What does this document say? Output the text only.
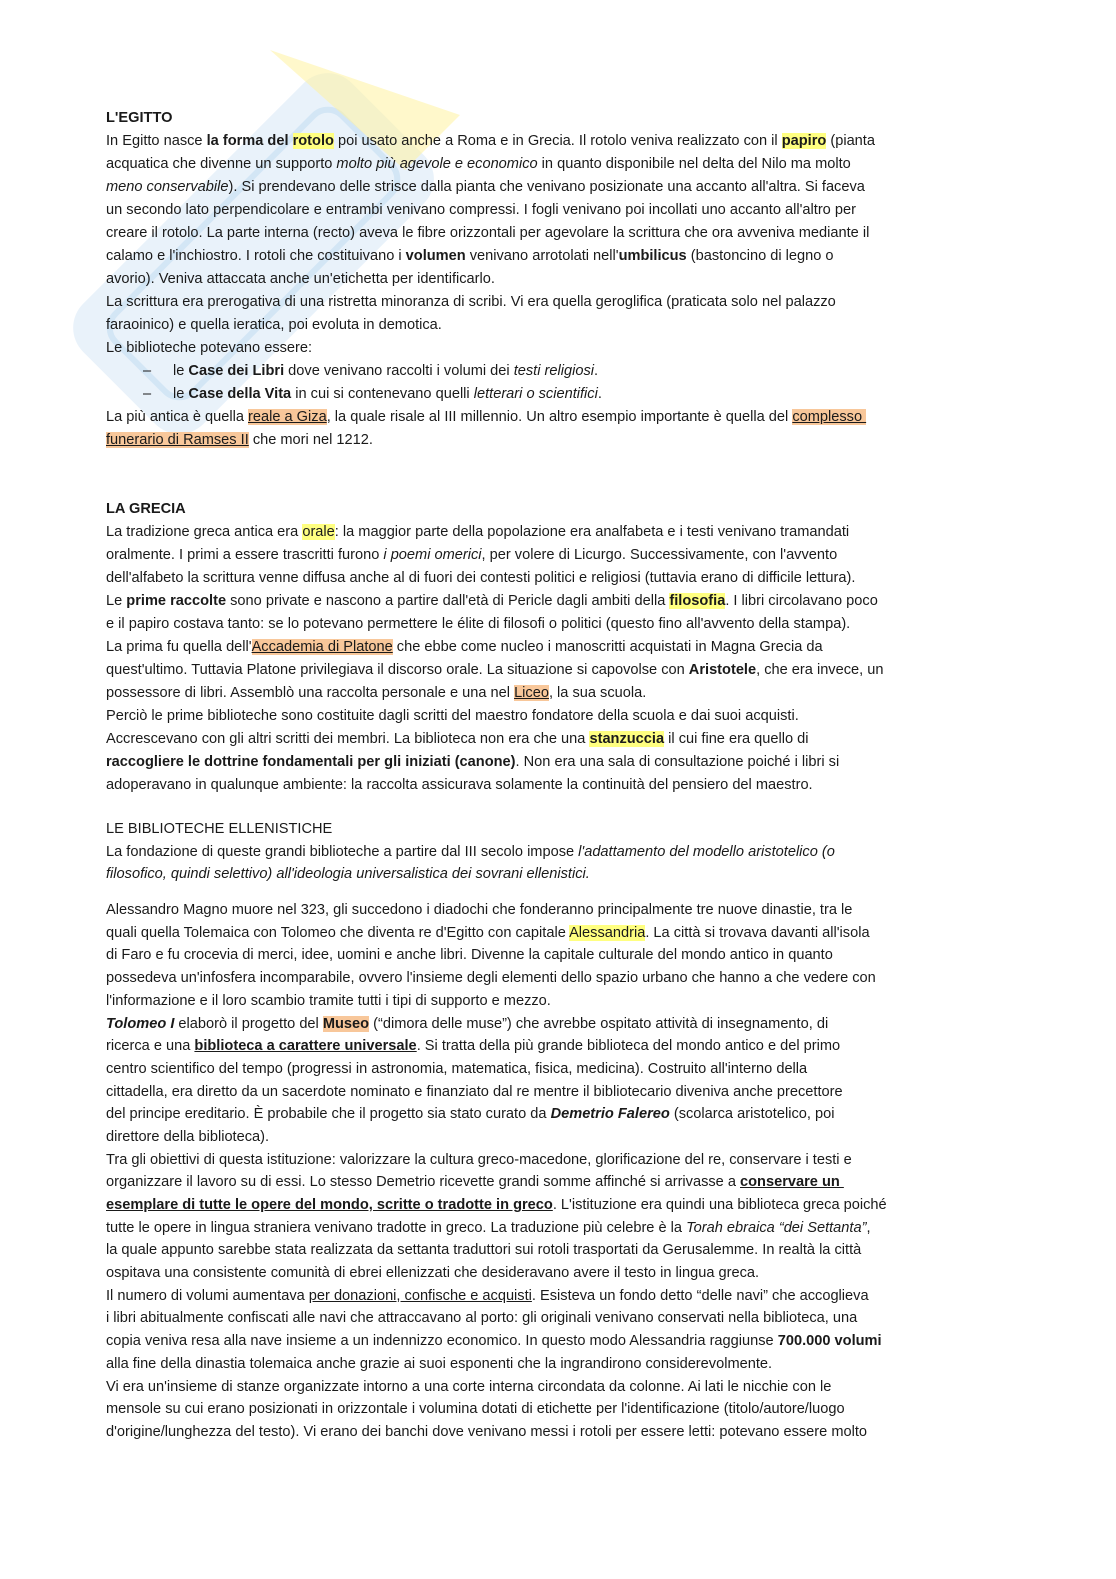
L'EGITTO
In Egitto nasce la forma del rotolo poi usato anche a Roma e in Grecia. Il rotolo veniva realizzato con il papiro (pianta
acquatica che divenne un supporto molto più agevole e economico in quanto disponibile nel delta del Nilo ma molto
meno conservabile). Si prendevano delle strisce dalla pianta che venivano posizionate una accanto all'altra. Si faceva
un secondo lato perpendicolare e entrambi venivano compressi. I fogli venivano poi incollati uno accanto all'altro per
creare il rotolo. La parte interna (recto) aveva le fibre orizzontali per agevolare la scrittura che ora avveniva mediante il
calamo e l'inchiostro. I rotoli che costituivano i volumen venivano arrotolati nell'umbilicus (bastoncino di legno o
avorio). Veniva attaccata anche un'etichetta per identificarlo.
La scrittura era prerogativa di una ristretta minoranza di scribi. Vi era quella geroglifica (praticata solo nel palazzo
faraoinico) e quella ieratica, poi evoluta in demotica.
Le biblioteche potevano essere:
– le Case dei Libri dove venivano raccolti i volumi dei testi religiosi.
– le Case della Vita in cui si contenevano quelli letterari o scientifici.
La più antica è quella reale a Giza, la quale risale al III millennio. Un altro esempio importante è quella del complesso
funerario di Ramses II che mori nel 1212.
LA GRECIA
La tradizione greca antica era orale: la maggior parte della popolazione era analfabeta e i testi venivano tramandati
oralmente. I primi a essere trascritti furono i poemi omerici, per volere di Licurgo. Successivamente, con l'avvento
dell'alfabeto la scrittura venne diffusa anche al di fuori dei contesti politici e religiosi (tuttavia erano di difficile lettura).
Le prime raccolte sono private e nascono a partire dall'età di Pericle dagli ambiti della filosofia. I libri circolavano poco
e il papiro costava tanto: se lo potevano permettere le élite di filosofi o politici (questo fino all'avvento della stampa).
La prima fu quella dell'Accademia di Platone che ebbe come nucleo i manoscritti acquistati in Magna Grecia da
quest'ultimo. Tuttavia Platone privilegiava il discorso orale. La situazione si capovolse con Aristotele, che era invece, un
possessore di libri. Assemblò una raccolta personale e una nel Liceo, la sua scuola.
Perciò le prime biblioteche sono costituite dagli scritti del maestro fondatore della scuola e dai suoi acquisti.
Accrescevano con gli altri scritti dei membri. La biblioteca non era che una stanzuccia il cui fine era quello di
raccogliere le dottrine fondamentali per gli iniziati (canone). Non era una sala di consultazione poiché i libri si
adoperavano in qualunque ambiente: la raccolta assicurava solamente la continuità del pensiero del maestro.
LE BIBLIOTECHE ELLENISTICHE
La fondazione di queste grandi biblioteche a partire dal III secolo impose l'adattamento del modello aristotelico (o
filosofico, quindi selettivo) all'ideologia universalistica dei sovrani ellenistici.
Alessandro Magno muore nel 323, gli succedono i diadochi che fonderanno principalmente tre nuove dinastie, tra le
quali quella Tolemaica con Tolomeo che diventa re d'Egitto con capitale Alessandria. La città si trovava davanti all'isola
di Faro e fu crocevia di merci, idee, uomini e anche libri. Divenne la capitale culturale del mondo antico in quanto
possedeva un'infosfera incomparabile, ovvero l'insieme degli elementi dello spazio urbano che hanno a che vedere con
l'informazione e il loro scambio tramite tutti i tipi di supporto e mezzo.
Tolomeo I elaborò il progetto del Museo (“dimora delle muse”) che avrebbe ospitato attività di insegnamento, di
ricerca e una biblioteca a carattere universale. Si tratta della più grande biblioteca del mondo antico e del primo
centro scientifico del tempo (progressi in astronomia, matematica, fisica, medicina). Costruito all'interno della
cittadella, era diretto da un sacerdote nominato e finanziato dal re mentre il bibliotecario diveniva anche precettore
del principe ereditario. È probabile che il progetto sia stato curato da Demetrio Falereo (scolarca aristotelico, poi
direttore della biblioteca).
Tra gli obiettivi di questa istituzione: valorizzare la cultura greco-macedone, glorificazione del re, conservare i testi e
organizzare il lavoro su di essi. Lo stesso Demetrio ricevette grandi somme affinché si arrivasse a conservare un
esemplare di tutte le opere del mondo, scritte o tradotte in greco. L'istituzione era quindi una biblioteca greca poiché
tutte le opere in lingua straniera venivano tradotte in greco. La traduzione più celebre è la Torah ebraica “dei Settanta”,
la quale appunto sarebbe stata realizzata da settanta traduttori sui rotoli trasportati da Gerusalemme. In realtà la città
ospitava una consistente comunità di ebrei ellenizzati che desideravano avere il testo in lingua greca.
Il numero di volumi aumentava per donazioni, confische e acquisti. Esisteva un fondo detto “delle navi” che accoglieva
i libri abitualmente confiscati alle navi che attraccavano al porto: gli originali venivano conservati nella biblioteca, una
copia veniva resa alla nave insieme a un indennizzo economico. In questo modo Alessandria raggiunse 700.000 volumi
alla fine della dinastia tolemaica anche grazie ai suoi esponenti che la ingrandirono considerevolmente.
Vi era un'insieme di stanze organizzate intorno a una corte interna circondata da colonne. Ai lati le nicchie con le
mensole su cui erano posizionati in orizzontale i volumina dotati di etichette per l'identificazione (titolo/autore/luogo
d'origine/lunghezza del testo). Vi erano dei banchi dove venivano messi i rotoli per essere letti: potevano essere molto
